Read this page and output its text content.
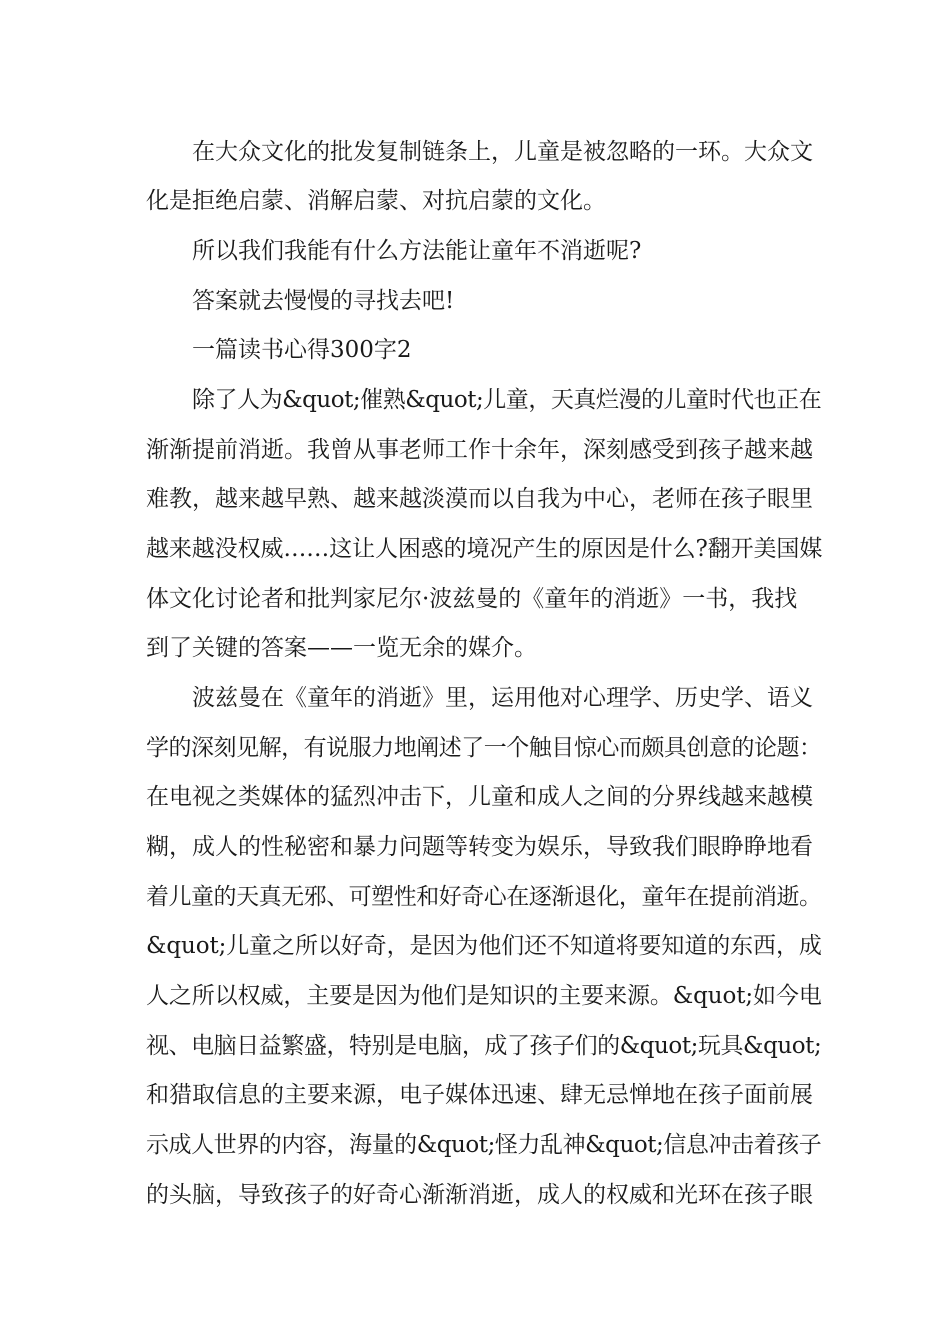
在大众文化的批发复制链条上，儿童是被忽略的一环。大众文
化是拒绝启蒙、消解启蒙、对抗启蒙的文化。
所以我们我能有什么方法能让童年不消逝呢?
答案就去慢慢的寻找去吧!
一篇读书心得300字2
除了人为&quot;催熟&quot;儿童，天真烂漫的儿童时代也正在
渐渐提前消逝。我曾从事老师工作十余年，深刻感受到孩子越来越
难教，越来越早熟、越来越淡漠而以自我为中心，老师在孩子眼里
越来越没权威……这让人困惑的境况产生的原因是什么?翻开美国媒
体文化讨论者和批判家尼尔·波兹曼的《童年的消逝》一书，我找
到了关键的答案——一览无余的媒介。
波兹曼在《童年的消逝》里，运用他对心理学、历史学、语义
学的深刻见解，有说服力地阐述了一个触目惊心而颇具创意的论题：
在电视之类媒体的猛烈冲击下，儿童和成人之间的分界线越来越模
糊，成人的性秘密和暴力问题等转变为娱乐，导致我们眼睁睁地看
着儿童的天真无邪、可塑性和好奇心在逐渐退化，童年在提前消逝。
&quot;儿童之所以好奇，是因为他们还不知道将要知道的东西，成
人之所以权威，主要是因为他们是知识的主要来源。&quot;如今电
视、电脑日益繁盛，特别是电脑，成了孩子们的&quot;玩具&quot;
和猎取信息的主要来源，电子媒体迅速、肆无忌惮地在孩子面前展
示成人世界的内容，海量的&quot;怪力乱神&quot;信息冲击着孩子
的头脑，导致孩子的好奇心渐渐消逝，成人的权威和光环在孩子眼
